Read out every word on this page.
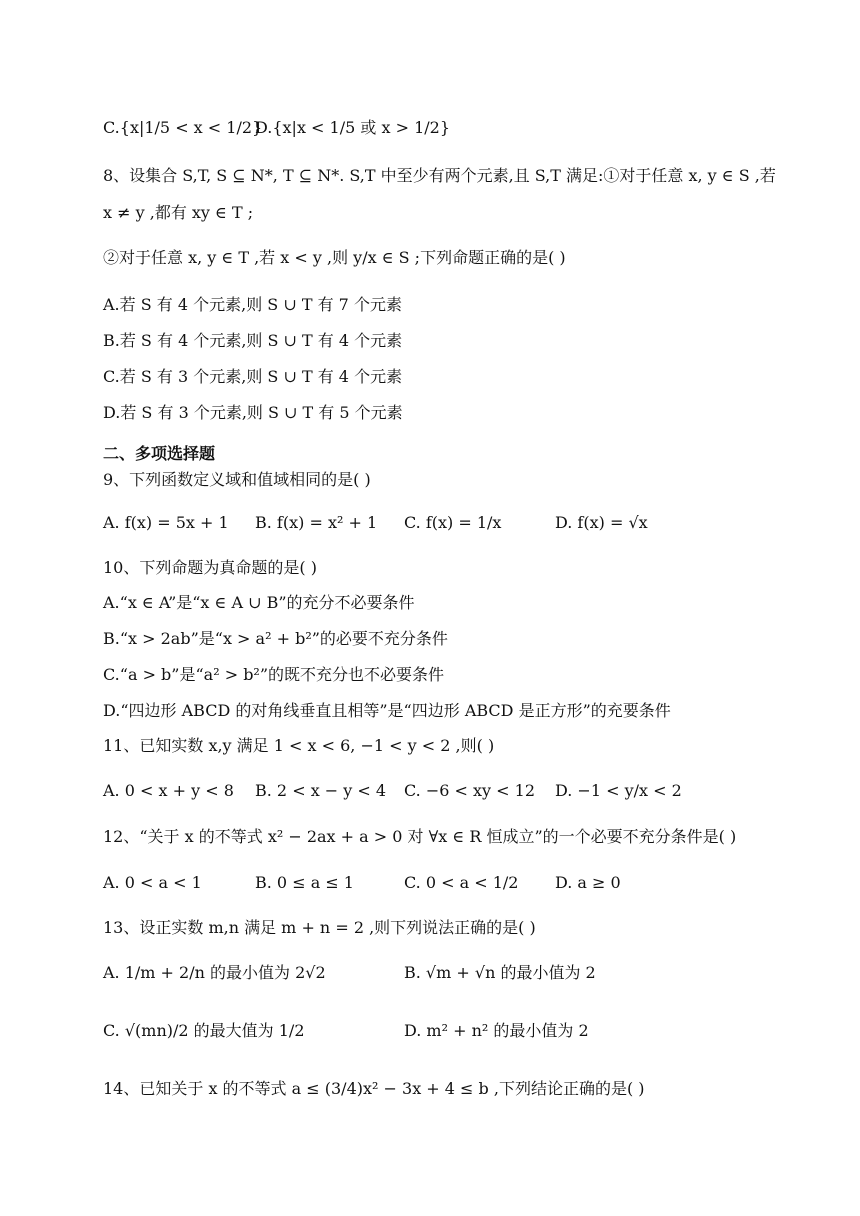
C.{x|1/5 < x < 1/2}
D.{x|x < 1/5 或 x > 1/2}
8、设集合 S,T, S ⊆ N*, T ⊆ N*. S,T 中至少有两个元素,且 S,T 满足:①对于任意 x, y ∈ S ,若
x ≠ y ,都有 xy ∈ T ;
②对于任意 x, y ∈ T ,若 x < y ,则 y/x ∈ S ;下列命题正确的是( )
A.若 S 有 4 个元素,则 S ∪ T 有 7 个元素
B.若 S 有 4 个元素,则 S ∪ T 有 4 个元素
C.若 S 有 3 个元素,则 S ∪ T 有 4 个元素
D.若 S 有 3 个元素,则 S ∪ T 有 5 个元素
二、多项选择题
9、下列函数定义域和值域相同的是( )
A. f(x) = 5x + 1 B. f(x) = x² + 1 C. f(x) = 1/x	D. f(x) = √x
10、下列命题为真命题的是( )
A.“x ∈ A”是“x ∈ A ∪ B”的充分不必要条件
B.“x > 2ab”是“x > a² + b²”的必要不充分条件
C.“a > b”是“a² > b²”的既不充分也不必要条件
D.“四边形 ABCD 的对角线垂直且相等”是“四边形 ABCD 是正方形”的充要条件
11、已知实数 x,y 满足 1 < x < 6, −1 < y < 2 ,则( )
A. 0 < x + y < 8 B. 2 < x − y < 4 C. −6 < xy < 12 D. −1 < y/x < 2
12、“关于 x 的不等式 x² − 2ax + a > 0 对 ∀x ∈ R 恒成立”的一个必要不充分条件是( )
A. 0 < a < 1	B. 0 ≤ a ≤ 1	C. 0 < a < 1/2 D. a ≥ 0
13、设正实数 m,n 满足 m + n = 2 ,则下列说法正确的是( )
A. 1/m + 2/n 的最小值为 2√2	B. √m + √n 的最小值为 2
C. √(mn)/2 的最大值为 1/2	D. m² + n² 的最小值为 2
14、已知关于 x 的不等式 a ≤ (3/4)x² − 3x + 4 ≤ b ,下列结论正确的是( )
